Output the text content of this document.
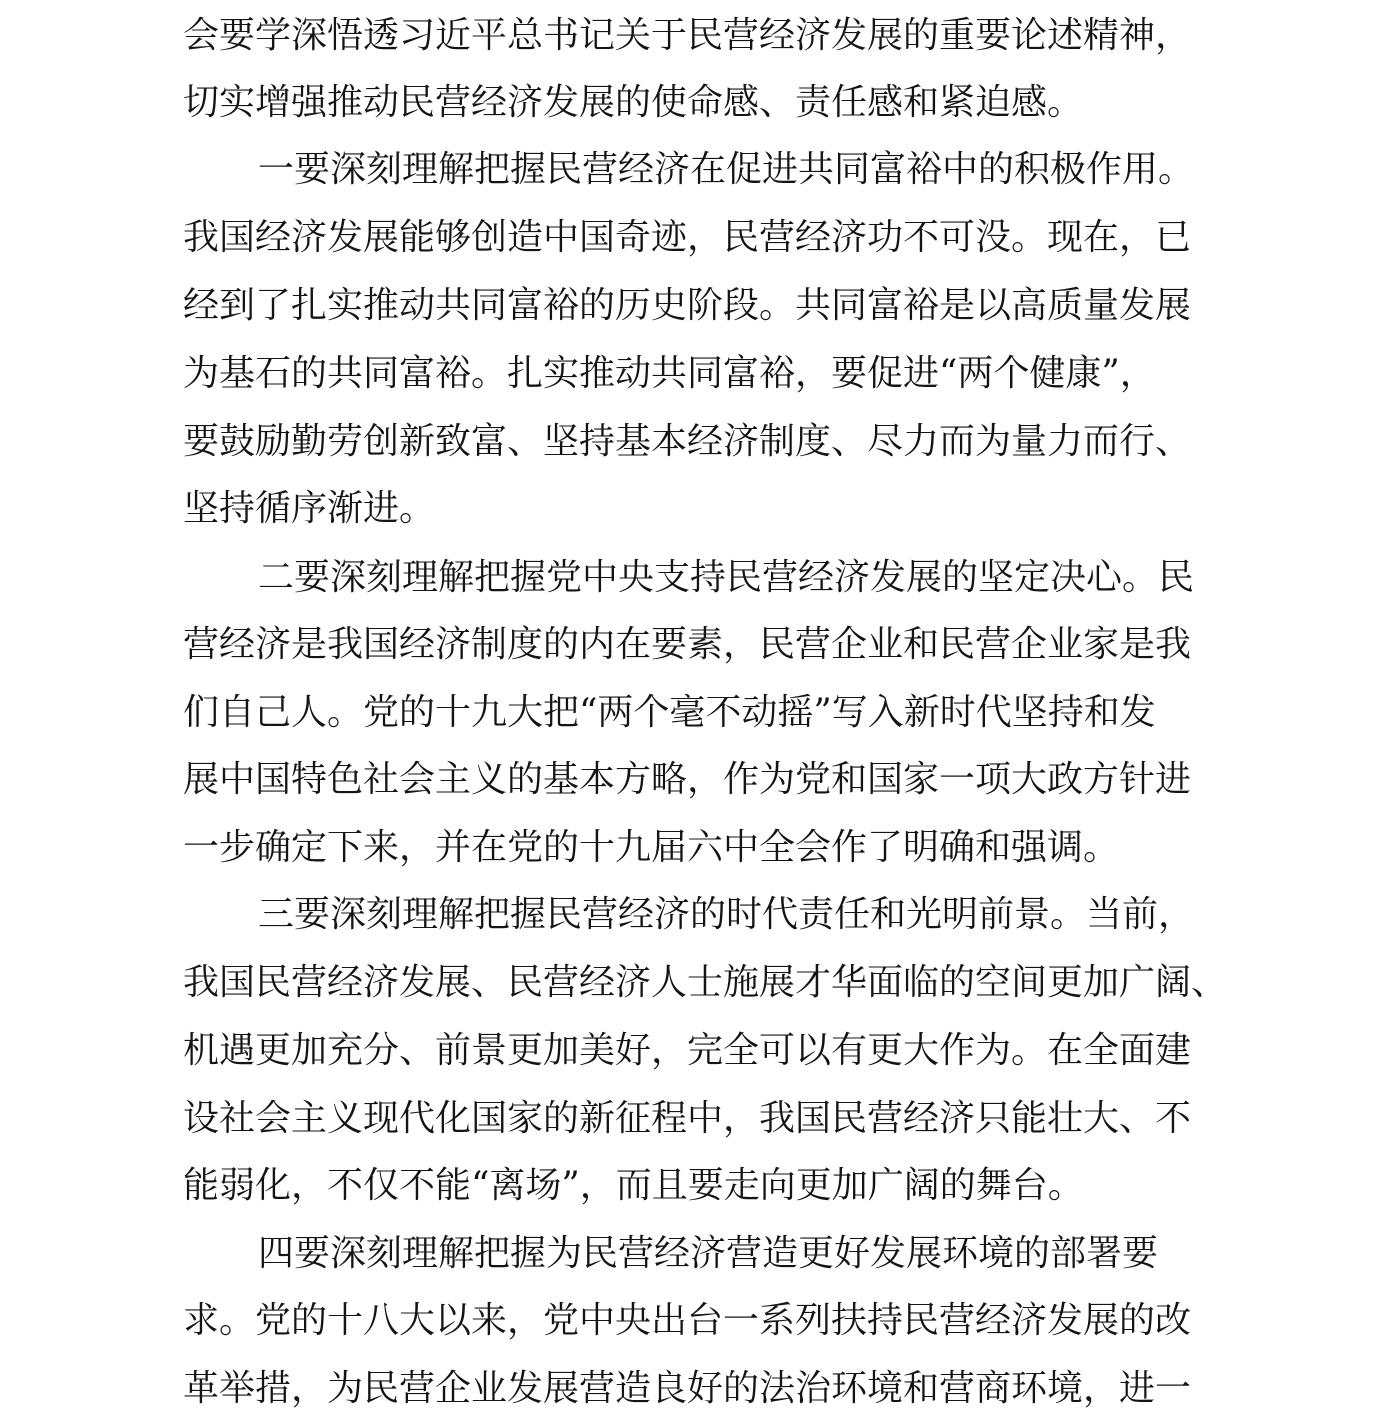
会要学深悟透习近平总书记关于民营经济发展的重要论述精神，
切实增强推动民营经济发展的使命感、责任感和紧迫感。
一要深刻理解把握民营经济在促进共同富裕中的积极作用。
我国经济发展能够创造中国奇迹，民营经济功不可没。现在，已
经到了扎实推动共同富裕的历史阶段。共同富裕是以高质量发展
为基石的共同富裕。扎实推动共同富裕，要促进“两个健康”，
要鼓励勤劳创新致富、坚持基本经济制度、尽力而为量力而行、
坚持循序渐进。
二要深刻理解把握党中央支持民营经济发展的坚定决心。民
营经济是我国经济制度的内在要素，民营企业和民营企业家是我
们自己人。党的十九大把“两个毫不动摇”写入新时代坚持和发
展中国特色社会主义的基本方略，作为党和国家一项大政方针进
一步确定下来，并在党的十九届六中全会作了明确和强调。
三要深刻理解把握民营经济的时代责任和光明前景。当前，
我国民营经济发展、民营经济人士施展才华面临的空间更加广阔、
机遇更加充分、前景更加美好，完全可以有更大作为。在全面建
设社会主义现代化国家的新征程中，我国民营经济只能壮大、不
能弱化，不仅不能“离场”，而且要走向更加广阔的舞台。
四要深刻理解把握为民营经济营造更好发展环境的部署要
求。党的十八大以来，党中央出台一系列扶持民营经济发展的改
革举措，为民营企业发展营造良好的法治环境和营商环境，进一
